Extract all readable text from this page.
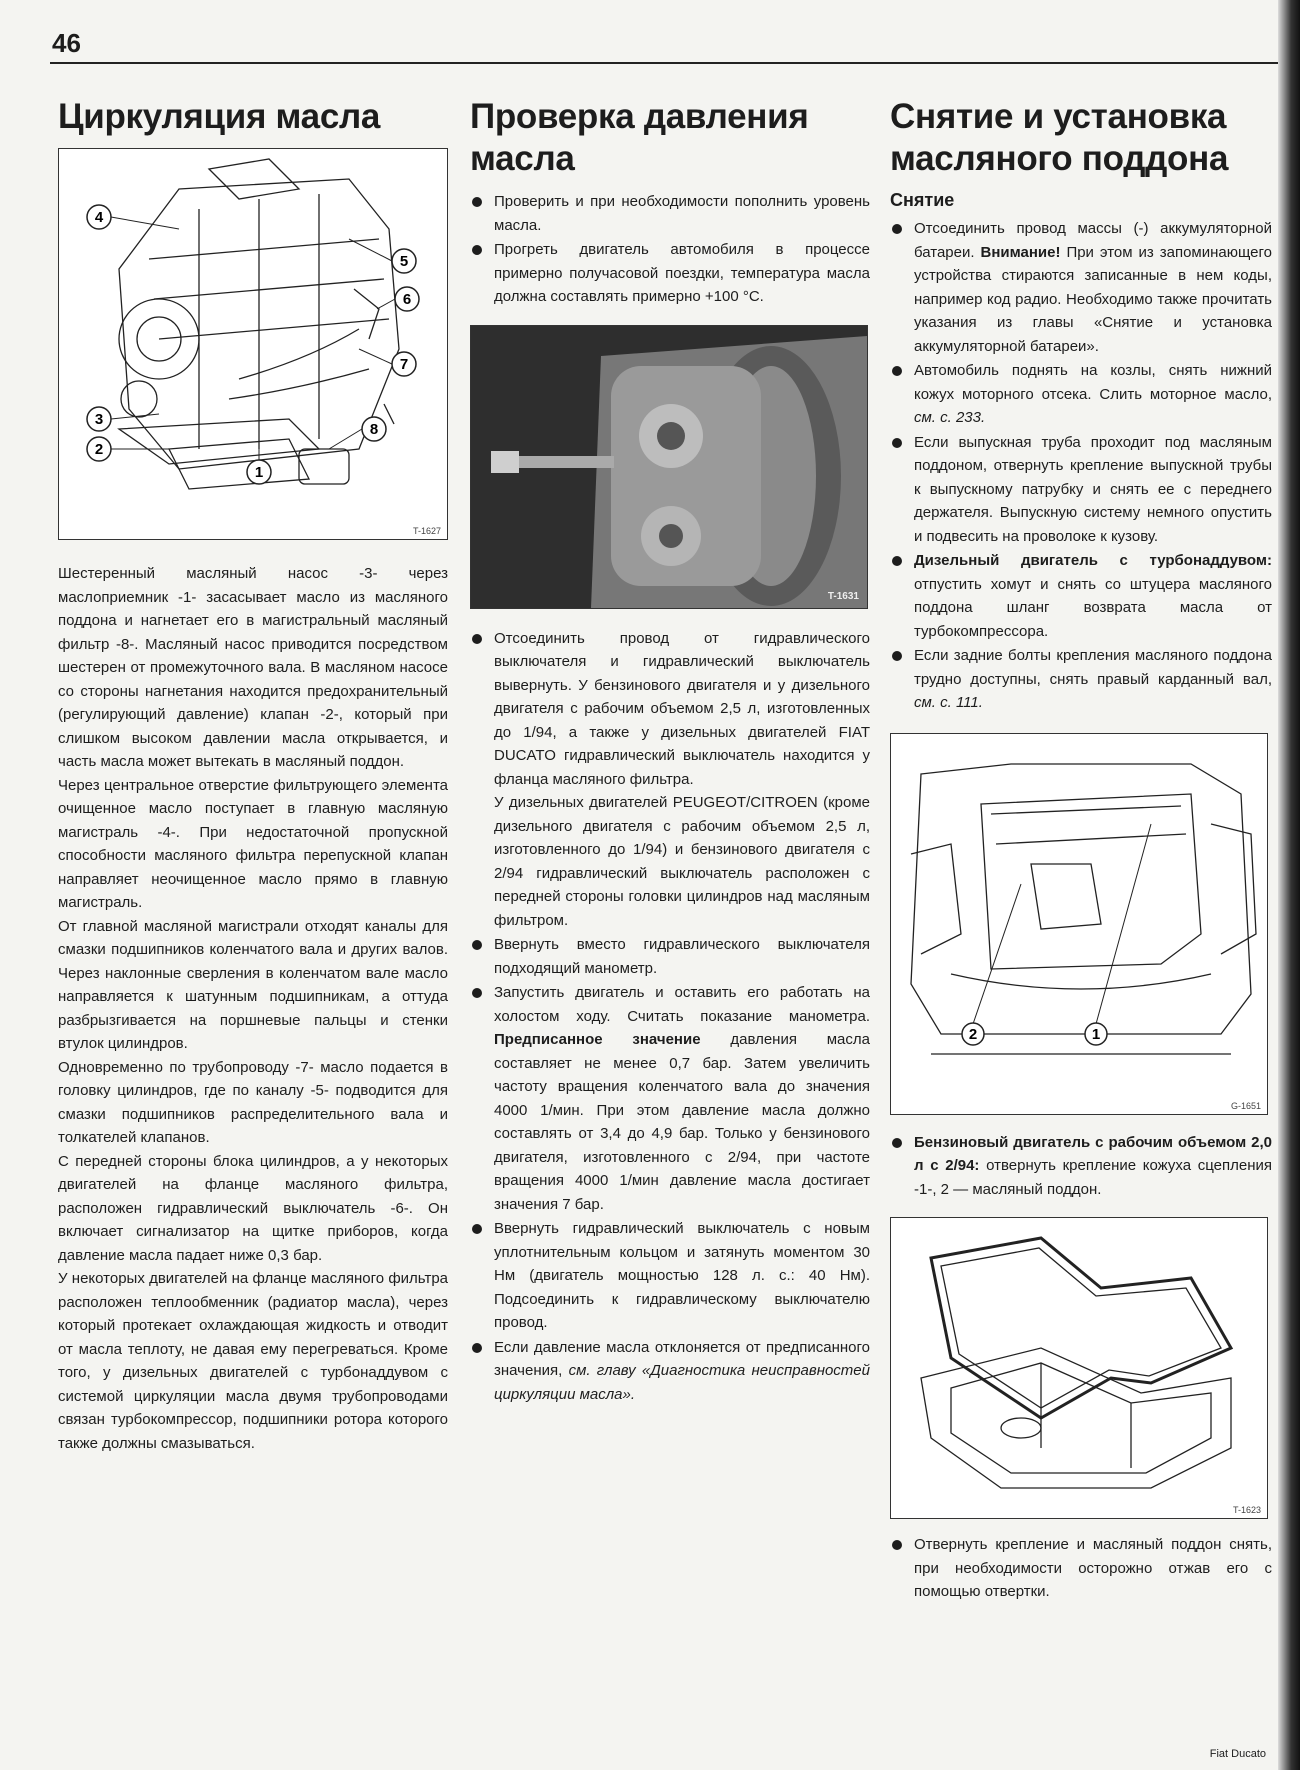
46
Циркуляция масла
4
5
6
7
3
2
8
1
T-1627

Шестеренный масляный насос -3- через маслоприемник -1- засасывает масло из масляного поддона и нагнетает его в магистральный масляный фильтр -8-. Масляный насос приводится посредством шестерен от промежуточного вала. В масляном насосе со стороны нагнетания находится предохранительный (регулирующий давление) клапан -2-, который при слишком высоком давлении масла открывается, и часть масла может вытекать в масляный поддон.

Через центральное отверстие фильтрующего элемента очищенное масло поступает в главную масляную магистраль -4-. При недостаточной пропускной способности масляного фильтра перепускной клапан направляет неочищенное масло прямо в главную магистраль.

От главной масляной магистрали отходят каналы для смазки подшипников коленчатого вала и других валов. Через наклонные сверления в коленчатом вале масло направляется к шатунным подшипникам, а оттуда разбрызгивается на поршневые пальцы и стенки втулок цилиндров.

Одновременно по трубопроводу -7- масло подается в головку цилиндров, где по каналу -5- подводится для смазки подшипников распределительного вала и толкателей клапанов.

С передней стороны блока цилиндров, а у некоторых двигателей на фланце масляного фильтра, расположен гидравлический выключатель -6-. Он включает сигнализатор на щитке приборов, когда давление масла падает ниже 0,3 бар.

У некоторых двигателей на фланце масляного фильтра расположен теплообменник (радиатор масла), через который протекает охлаждающая жидкость и отводит от масла теплоту, не давая ему перегреваться. Кроме того, у дизельных двигателей с турбонаддувом с системой циркуляции масла двумя трубопроводами связан турбокомпрессор, подшипники ротора которого также должны смазываться.

Проверка давления масла
Проверить и при необходимости пополнить уровень масла.
Прогреть двигатель автомобиля в процессе примерно получасовой поездки, температура масла должна составлять примерно +100 °С.
T-1631
Отсоединить провод от гидравлического выключателя и гидравлический выключатель вывернуть. У бензинового двигателя и у дизельного двигателя с рабочим объемом 2,5 л, изготовленных до 1/94, а также у дизельных двигателей FIAT DUCATO гидравлический выключатель находится у фланца масляного фильтра.
У дизельных двигателей PEUGEOT/CITROEN (кроме дизельного двигателя с рабочим объемом 2,5 л, изготовленного до 1/94) и бензинового двигателя с 2/94 гидравлический выключатель расположен с передней стороны головки цилиндров над масляным фильтром.
Ввернуть вместо гидравлического выключателя подходящий манометр.
Запустить двигатель и оставить его работать на холостом ходу. Считать показание манометра. Предписанное значение давления масла составляет не менее 0,7 бар. Затем увеличить частоту вращения коленчатого вала до значения 4000 1/мин. При этом давление масла должно составлять от 3,4 до 4,9 бар. Только у бензинового двигателя, изготовленного с 2/94, при частоте вращения 4000 1/мин давление масла достигает значения 7 бар.
Ввернуть гидравлический выключатель с новым уплотнительным кольцом и затянуть моментом 30 Нм (двигатель мощностью 128 л. с.: 40 Нм). Подсоединить к гидравлическому выключателю провод.
Если давление масла отклоняется от предписанного значения, см. главу «Диагностика неисправностей циркуляции масла».
Снятие и установка масляного поддона
Снятие
Отсоединить провод массы (-) аккумуляторной батареи. Внимание! При этом из запоминающего устройства стираются записанные в нем коды, например код радио. Необходимо также прочитать указания из главы «Снятие и установка аккумуляторной батареи».
Автомобиль поднять на козлы, снять нижний кожух моторного отсека. Слить моторное масло, см. с. 233.
Если выпускная труба проходит под масляным поддоном, отвернуть крепление выпускной трубы к выпускному патрубку и снять ее с переднего держателя. Выпускную систему немного опустить и подвесить на проволоке к кузову.
Дизельный двигатель с турбонаддувом: отпустить хомут и снять со штуцера масляного поддона шланг возврата масла от турбокомпрессора.
Если задние болты крепления масляного поддона трудно доступны, снять правый карданный вал, см. с. 111.
2	1
G-1651
Бензиновый двигатель с рабочим объемом 2,0 л с 2/94: отвернуть крепление кожуха сцепления -1-, 2 — масляный поддон.
T-1623
Отвернуть крепление и масляный поддон снять, при необходимости осторожно отжав его с помощью отвертки.
Fiat Ducato
